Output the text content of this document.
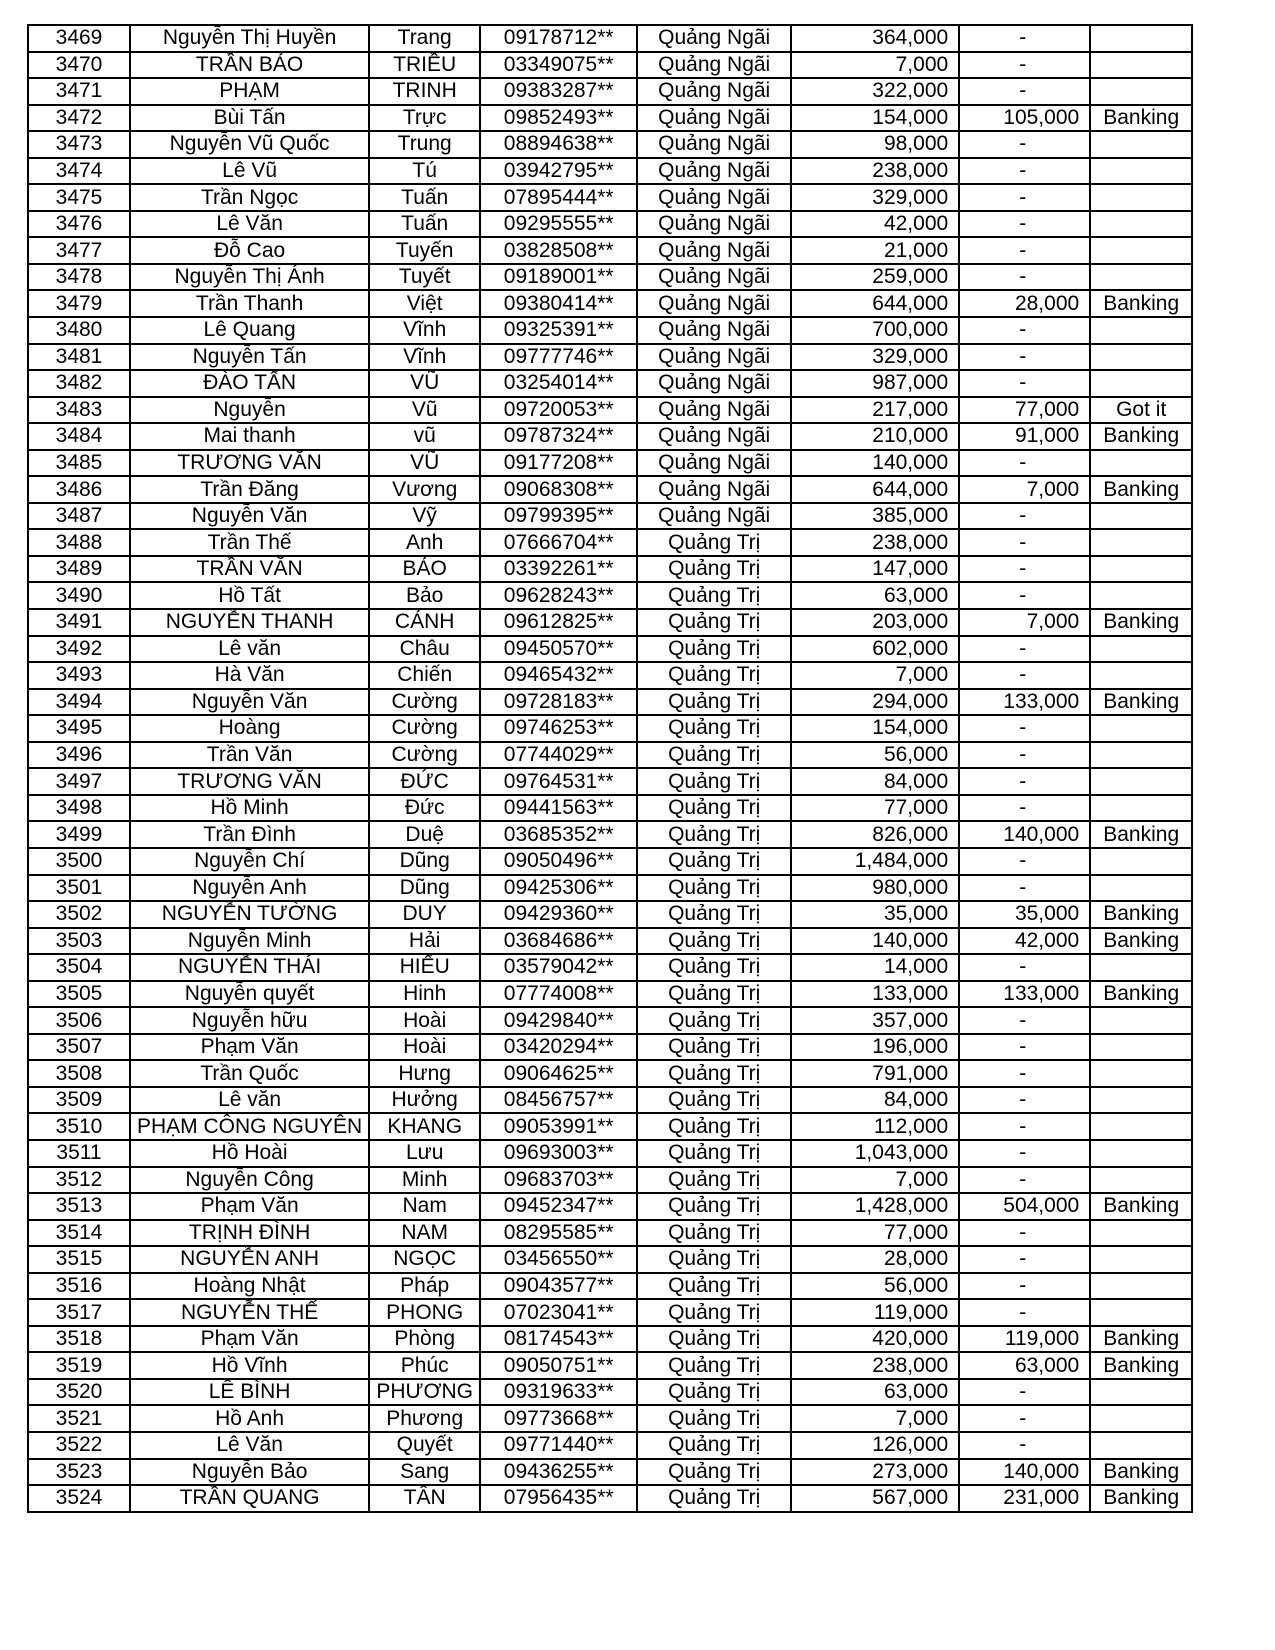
3469	Nguyễn Thị Huyền	Trang	09178712**	Quảng Ngãi	364,000	-	
3470	TRẦN BẢO	TRIỀU	03349075**	Quảng Ngãi	7,000	-	
3471	PHẠM	TRINH	09383287**	Quảng Ngãi	322,000	-	
3472	Bùi Tấn	Trực	09852493**	Quảng Ngãi	154,000	105,000	Banking
3473	Nguyễn Vũ Quốc	Trung	08894638**	Quảng Ngãi	98,000	-	
3474	Lê Vũ	Tú	03942795**	Quảng Ngãi	238,000	-	
3475	Trần Ngọc	Tuấn	07895444**	Quảng Ngãi	329,000	-	
3476	Lê Văn	Tuấn	09295555**	Quảng Ngãi	42,000	-	
3477	Đỗ Cao	Tuyến	03828508**	Quảng Ngãi	21,000	-	
3478	Nguyễn Thị Ánh	Tuyết	09189001**	Quảng Ngãi	259,000	-	
3479	Trần Thanh	Việt	09380414**	Quảng Ngãi	644,000	28,000	Banking
3480	Lê Quang	Vĩnh	09325391**	Quảng Ngãi	700,000	-	
3481	Nguyễn Tấn	Vĩnh	09777746**	Quảng Ngãi	329,000	-	
3482	ĐÀO TẤN	VŨ	03254014**	Quảng Ngãi	987,000	-	
3483	Nguyễn	Vũ	09720053**	Quảng Ngãi	217,000	77,000	Got it
3484	Mai thanh	vũ	09787324**	Quảng Ngãi	210,000	91,000	Banking
3485	TRƯƠNG VĂN	VŨ	09177208**	Quảng Ngãi	140,000	-	
3486	Trần Đăng	Vương	09068308**	Quảng Ngãi	644,000	7,000	Banking
3487	Nguyễn Văn	Vỹ	09799395**	Quảng Ngãi	385,000	-	
3488	Trần Thế	Anh	07666704**	Quảng Trị	238,000	-	
3489	TRẦN VĂN	BẢO	03392261**	Quảng Trị	147,000	-	
3490	Hồ Tất	Bảo	09628243**	Quảng Trị	63,000	-	
3491	NGUYỄN THANH	CẢNH	09612825**	Quảng Trị	203,000	7,000	Banking
3492	Lê văn	Châu	09450570**	Quảng Trị	602,000	-	
3493	Hà Văn	Chiến	09465432**	Quảng Trị	7,000	-	
3494	Nguyễn Văn	Cường	09728183**	Quảng Trị	294,000	133,000	Banking
3495	Hoàng	Cường	09746253**	Quảng Trị	154,000	-	
3496	Trần Văn	Cường	07744029**	Quảng Trị	56,000	-	
3497	TRƯƠNG VĂN	ĐỨC	09764531**	Quảng Trị	84,000	-	
3498	Hồ Minh	Đức	09441563**	Quảng Trị	77,000	-	
3499	Trần Đình	Duệ	03685352**	Quảng Trị	826,000	140,000	Banking
3500	Nguyễn Chí	Dũng	09050496**	Quảng Trị	1,484,000	-	
3501	Nguyễn Anh	Dũng	09425306**	Quảng Trị	980,000	-	
3502	NGUYỄN TƯỜNG	DUY	09429360**	Quảng Trị	35,000	35,000	Banking
3503	Nguyễn Minh	Hải	03684686**	Quảng Trị	140,000	42,000	Banking
3504	NGUYỄN THÁI	HIẾU	03579042**	Quảng Trị	14,000	-	
3505	Nguyễn quyết	Hinh	07774008**	Quảng Trị	133,000	133,000	Banking
3506	Nguyễn hữu	Hoài	09429840**	Quảng Trị	357,000	-	
3507	Phạm Văn	Hoài	03420294**	Quảng Trị	196,000	-	
3508	Trần Quốc	Hưng	09064625**	Quảng Trị	791,000	-	
3509	Lê văn	Hưởng	08456757**	Quảng Trị	84,000	-	
3510	PHẠM CÔNG NGUYÊN	KHANG	09053991**	Quảng Trị	112,000	-	
3511	Hồ Hoài	Lưu	09693003**	Quảng Trị	1,043,000	-	
3512	Nguyễn Công	Minh	09683703**	Quảng Trị	7,000	-	
3513	Phạm Văn	Nam	09452347**	Quảng Trị	1,428,000	504,000	Banking
3514	TRỊNH ĐÌNH	NAM	08295585**	Quảng Trị	77,000	-	
3515	NGUYỄN ANH	NGỌC	03456550**	Quảng Trị	28,000	-	
3516	Hoàng Nhật	Pháp	09043577**	Quảng Trị	56,000	-	
3517	NGUYỄN THẾ	PHONG	07023041**	Quảng Trị	119,000	-	
3518	Phạm Văn	Phòng	08174543**	Quảng Trị	420,000	119,000	Banking
3519	Hồ Vĩnh	Phúc	09050751**	Quảng Trị	238,000	63,000	Banking
3520	LÊ BÌNH	PHƯƠNG	09319633**	Quảng Trị	63,000	-	
3521	Hồ Anh	Phương	09773668**	Quảng Trị	7,000	-	
3522	Lê Văn	Quyết	09771440**	Quảng Trị	126,000	-	
3523	Nguyễn Bảo	Sang	09436255**	Quảng Trị	273,000	140,000	Banking
3524	TRẦN QUANG	TÂN	07956435**	Quảng Trị	567,000	231,000	Banking
